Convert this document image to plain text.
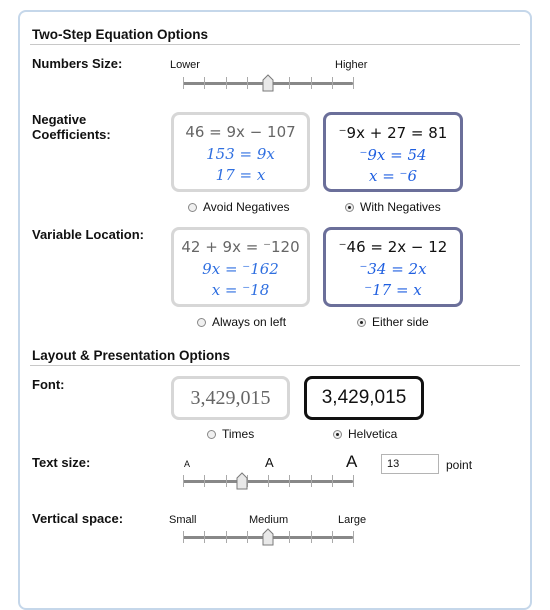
Two-Step Equation Options
Numbers Size:	Lower	Higher
Negative
Coefficients:	46 = 9x − 107
153 = 9x
17 = x
⁻9x + 27 = 81
⁻9x = 54
x = ⁻6
Avoid Negatives	With Negatives
Variable Location:
42 + 9x = ⁻120
9x = ⁻162
x = ⁻18
⁻46 = 2x − 12
⁻34 = 2x
⁻17 = x
Always on left	Either side
Layout & Presentation Options
Font:
3,429,015	3,429,015
Times	Helvetica
Text size:	A	A	A
13	point
Vertical space:	Small	Medium	Large
